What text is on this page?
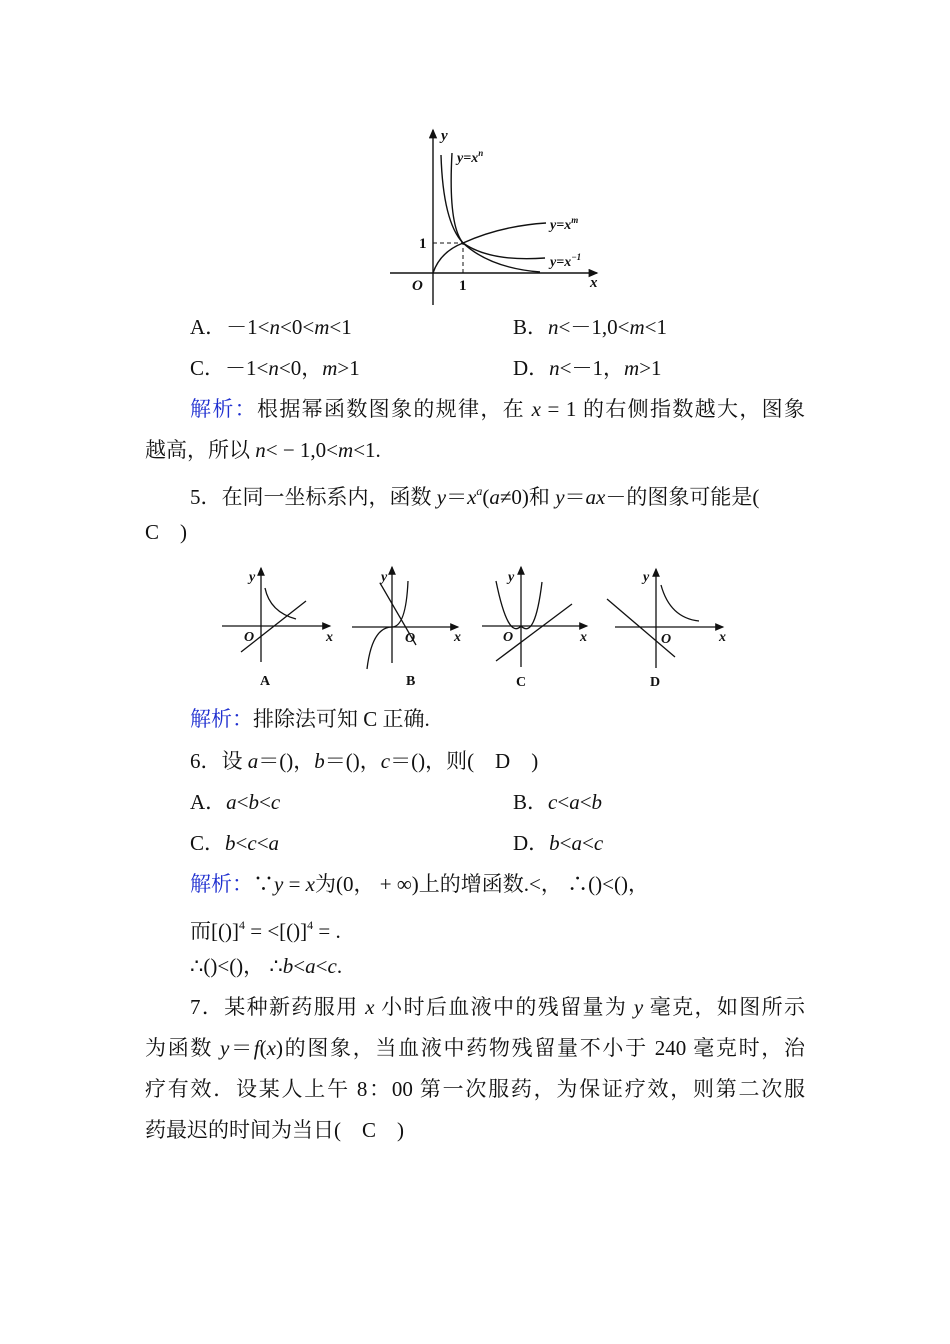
y
x
O 1
1
$y=x^n$
$y=x^m$
$y=x^{-1}$
y
O	x
A
y
O	x
B
y
O	x
C
y
O	x
D
A．－1<n<0<m<1	B．n<－1,0<m<1
C．－1<n<0，m>1	D．n<－1，m>1
解析：根据幂函数图象的规律，在 x = 1 的右侧指数越大，图象
越高，所以 n< − 1,0<m<1.
5．在同一坐标系内，函数 $y=x^a(a\ne 0)$和 y＝ax－的图象可能是(
C　)
解析：排除法可知 C 正确.
6．设 a＝()，b＝()，c＝()，则(　D　)
A．a<b<c	B．c<a<b
C．b<c<a	D．b<a<c
解析：∵y = x为(0， + ∞)上的增函数.<， ∴()<()，
而[()]$^4$ = <[()]$^4$ = .
∴()<()， ∴b<a<c.
7．某种新药服用 x 小时后血液中的残留量为 y 毫克，如图所示
为函数 y＝f(x)的图象，当血液中药物残留量不小于 240 毫克时，治
疗有效．设某人上午 8：00 第一次服药，为保证疗效，则第二次服
药最迟的时间为当日(　C　)
